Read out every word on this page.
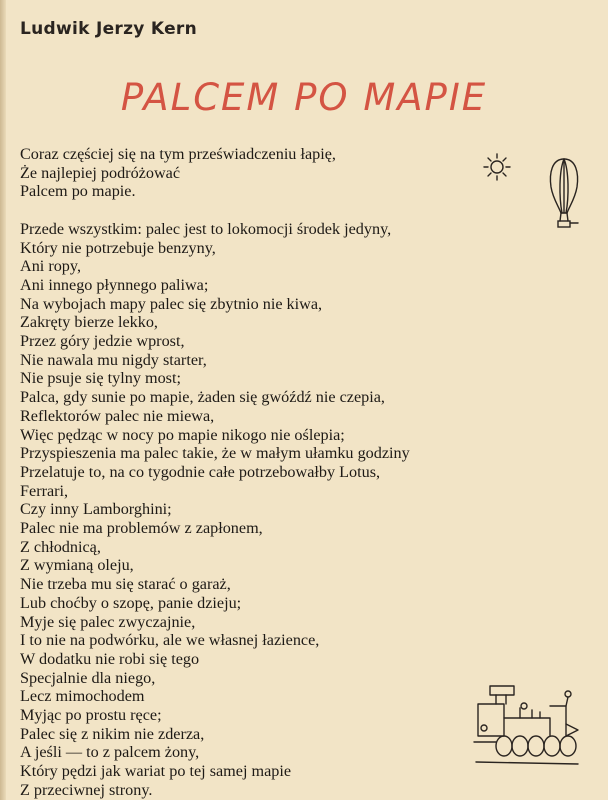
Ludwik Jerzy Kern
PALCEM PO MAPIE
Coraz częściej się na tym przeświadczeniu łapię,
Że najlepiej podróżować
Palcem po mapie.
Przede wszystkim: palec jest to lokomocji środek jedyny,
Który nie potrzebuje benzyny,
Ani ropy,
Ani innego płynnego paliwa;
Na wybojach mapy palec się zbytnio nie kiwa,
Zakręty bierze lekko,
Przez góry jedzie wprost,
Nie nawala mu nigdy starter,
Nie psuje się tylny most;
Palca, gdy sunie po mapie, żaden się gwóźdź nie czepia,
Reflektorów palec nie miewa,
Więc pędząc w nocy po mapie nikogo nie oślepia;
Przyspieszenia ma palec takie, że w małym ułamku godziny
Przelatuje to, na co tygodnie całe potrzebowałby Lotus,
Ferrari,
Czy inny Lamborghini;
Palec nie ma problemów z zapłonem,
Z chłodnicą,
Z wymianą oleju,
Nie trzeba mu się starać o garaż,
Lub choćby o szopę, panie dzieju;
Myje się palec zwyczajnie,
I to nie na podwórku, ale we własnej łazience,
W dodatku nie robi się tego
Specjalnie dla niego,
Lecz mimochodem
Myjąc po prostu ręce;
Palec się z nikim nie zderza,
A jeśli — to z palcem żony,
Który pędzi jak wariat po tej samej mapie
Z przeciwnej strony.
